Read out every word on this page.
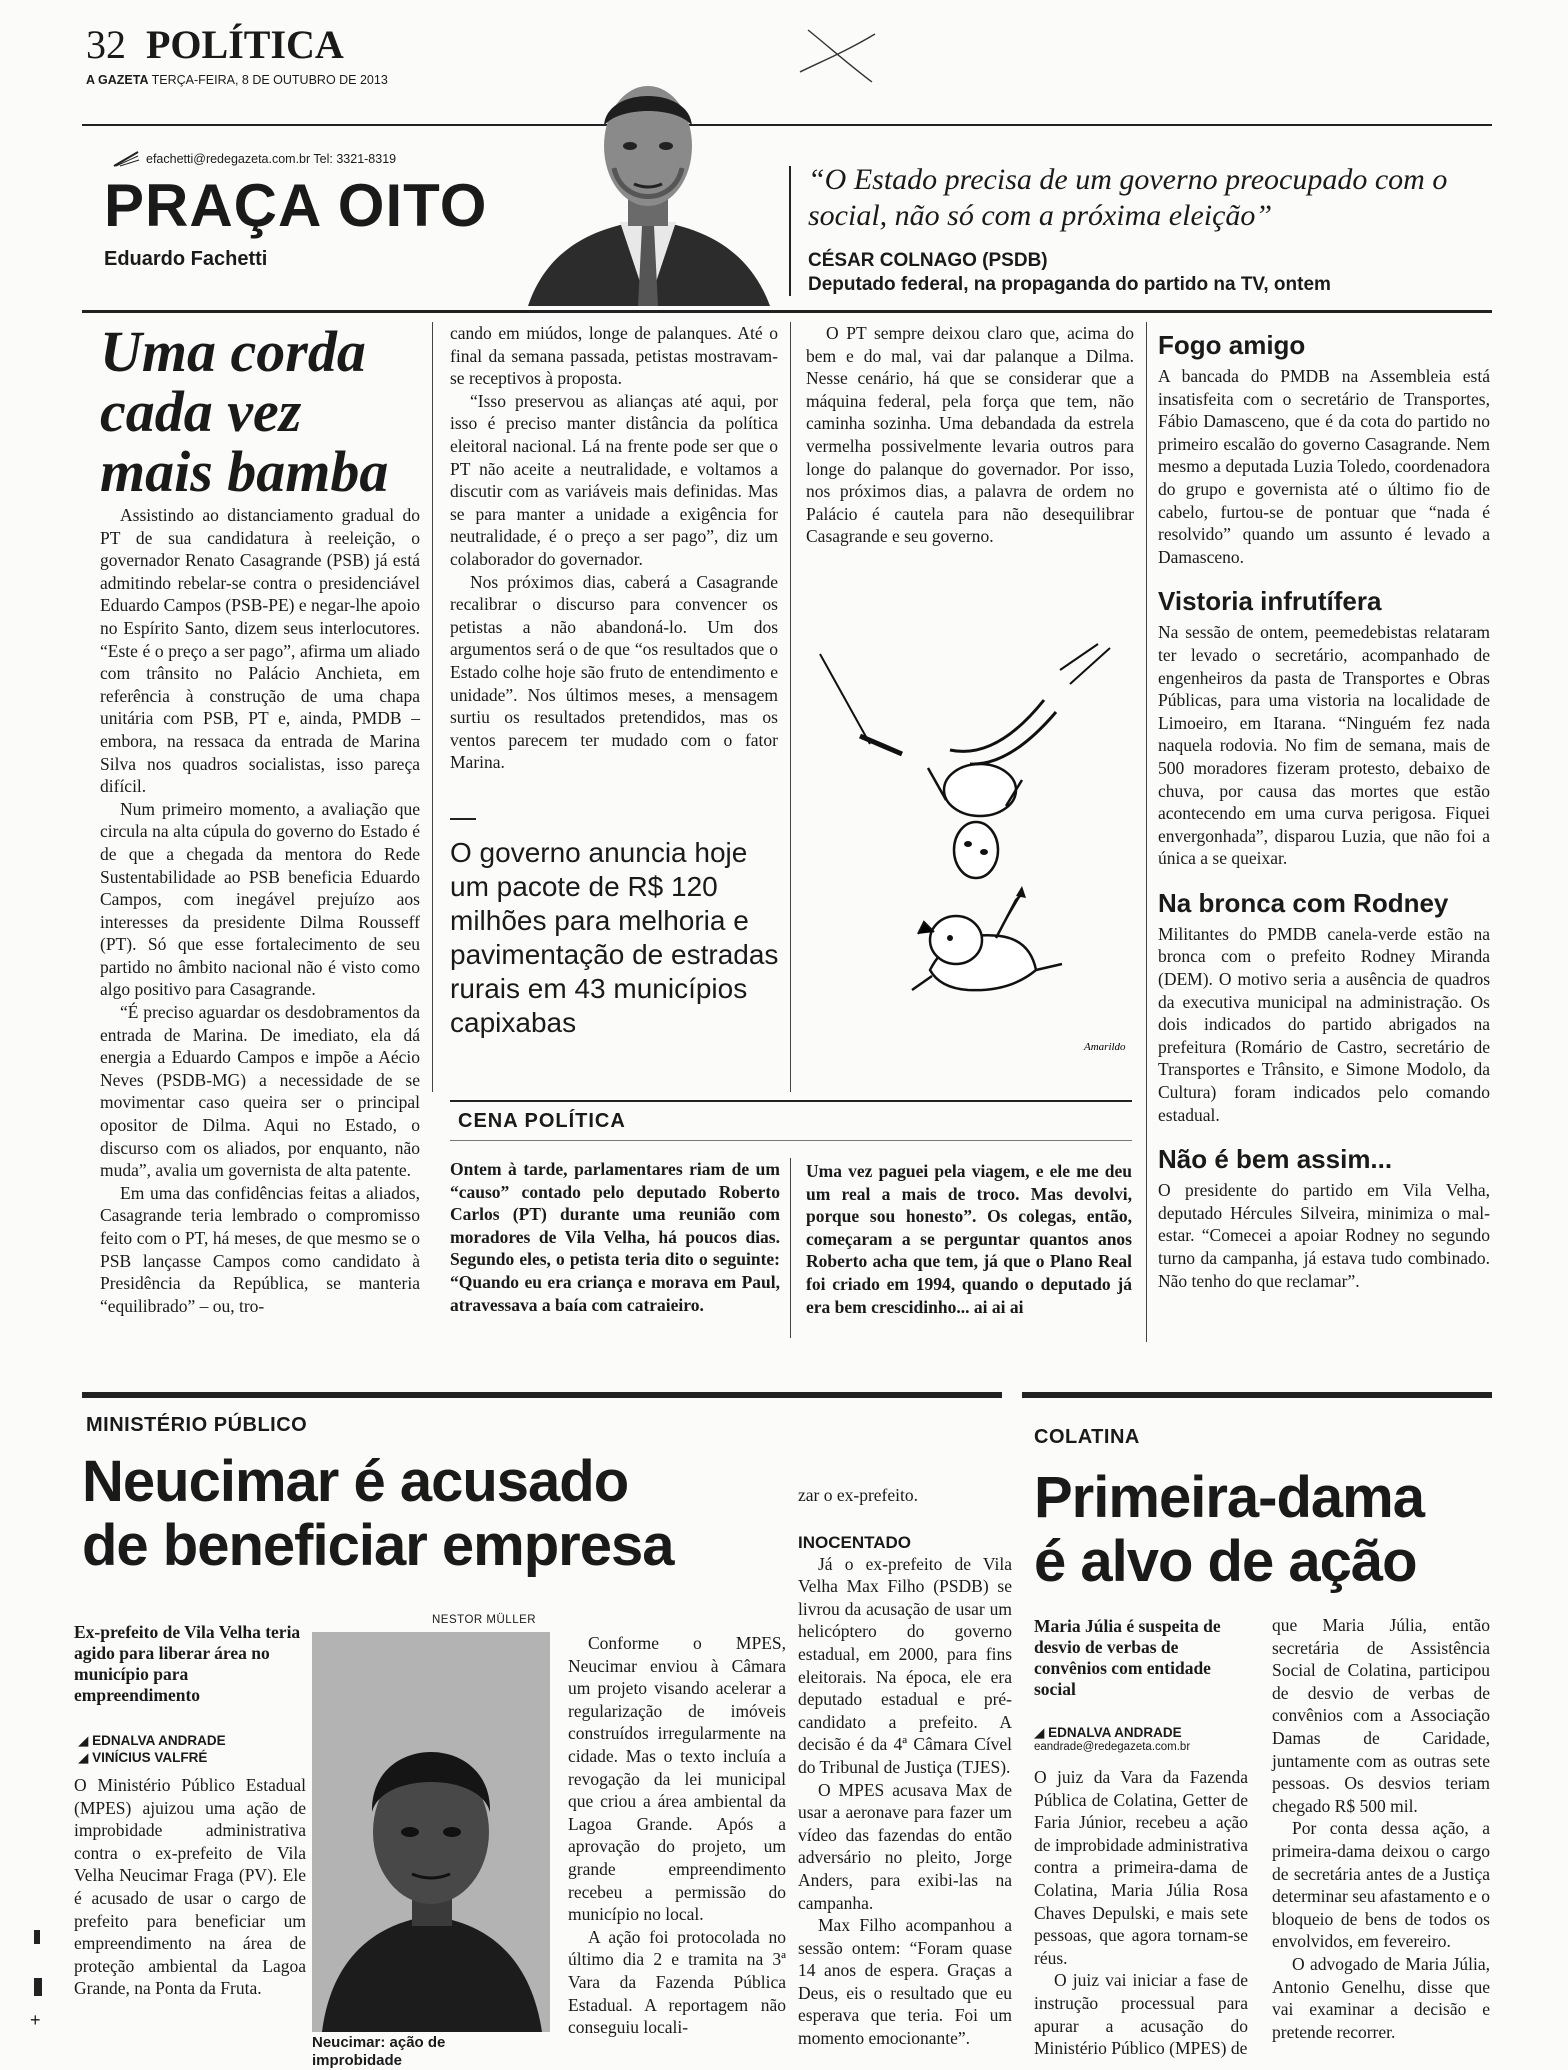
32 POLÍTICA
A GAZETA TERÇA-FEIRA, 8 DE OUTUBRO DE 2013
efachetti@redegazeta.com.br Tel: 3321-8319
PRAÇA OITO
Eduardo Fachetti
“O Estado precisa de um governo preocupado com o social, não só com a próxima eleição”
CÉSAR COLNAGO (PSDB)
Deputado federal, na propaganda do partido na TV, ontem
Uma corda
cada vez
mais bamba

Assistindo ao distanciamento gradual do PT de sua candidatura à reeleição, o governador Renato Casagrande (PSB) já está admitindo rebelar-se contra o presidenciável Eduardo Campos (PSB-PE) e negar-lhe apoio no Espírito Santo, dizem seus interlocutores. “Este é o preço a ser pago”, afirma um aliado com trânsito no Palácio Anchieta, em referência à construção de uma chapa unitária com PSB, PT e, ainda, PMDB – embora, na ressaca da entrada de Marina Silva nos quadros socialistas, isso pareça difícil.

Num primeiro momento, a avaliação que circula na alta cúpula do governo do Estado é de que a chegada da mentora do Rede Sustentabilidade ao PSB beneficia Eduardo Campos, com inegável prejuízo aos interesses da presidente Dilma Rousseff (PT). Só que esse fortalecimento de seu partido no âmbito nacional não é visto como algo positivo para Casagrande.

“É preciso aguardar os desdobramentos da entrada de Marina. De imediato, ela dá energia a Eduardo Campos e impõe a Aécio Neves (PSDB-MG) a necessidade de se movimentar caso queira ser o principal opositor de Dilma. Aqui no Estado, o discurso com os aliados, por enquanto, não muda”, avalia um governista de alta patente.

Em uma das confidências feitas a aliados, Casagrande teria lembrado o compromisso feito com o PT, há meses, de que mesmo se o PSB lançasse Campos como candidato à Presidência da República, se manteria “equilibrado” – ou, tro-

cando em miúdos, longe de palanques. Até o final da semana passada, petistas mostravam-se receptivos à proposta.

“Isso preservou as alianças até aqui, por isso é preciso manter distância da política eleitoral nacional. Lá na frente pode ser que o PT não aceite a neutralidade, e voltamos a discutir com as variáveis mais definidas. Mas se para manter a unidade a exigência for neutralidade, é o preço a ser pago”, diz um colaborador do governador.

Nos próximos dias, caberá a Casagrande recalibrar o discurso para convencer os petistas a não abandoná-lo. Um dos argumentos será o de que “os resultados que o Estado colhe hoje são fruto de entendimento e unidade”. Nos últimos meses, a mensagem surtiu os resultados pretendidos, mas os ventos parecem ter mudado com o fator Marina.

O governo anuncia hoje um pacote de R$ 120 milhões para melhoria e pavimentação de estradas rurais em 43 municípios capixabas

O PT sempre deixou claro que, acima do bem e do mal, vai dar palanque a Dilma. Nesse cenário, há que se considerar que a máquina federal, pela força que tem, não caminha sozinha. Uma debandada da estrela vermelha possivelmente levaria outros para longe do palanque do governador. Por isso, nos próximos dias, a palavra de ordem no Palácio é cautela para não desequilibrar Casagrande e seu governo.

Amarildo
CENA POLÍTICA
Ontem à tarde, parlamentares riam de um “causo” contado pelo deputado Roberto Carlos (PT) durante uma reunião com moradores de Vila Velha, há poucos dias. Segundo eles, o petista teria dito o seguinte: “Quando eu era criança e morava em Paul, atravessava a baía com catraieiro.
Uma vez paguei pela viagem, e ele me deu um real a mais de troco. Mas devolvi, porque sou honesto”. Os colegas, então, começaram a se perguntar quantos anos Roberto acha que tem, já que o Plano Real foi criado em 1994, quando o deputado já era bem crescidinho... ai ai ai
Fogo amigo
A bancada do PMDB na Assembleia está insatisfeita com o secretário de Transportes, Fábio Damasceno, que é da cota do partido no primeiro escalão do governo Casagrande. Nem mesmo a deputada Luzia Toledo, coordenadora do grupo e governista até o último fio de cabelo, furtou-se de pontuar que “nada é resolvido” quando um assunto é levado a Damasceno.
Vistoria infrutífera
Na sessão de ontem, peemedebistas relataram ter levado o secretário, acompanhado de engenheiros da pasta de Transportes e Obras Públicas, para uma vistoria na localidade de Limoeiro, em Itarana. “Ninguém fez nada naquela rodovia. No fim de semana, mais de 500 moradores fizeram protesto, debaixo de chuva, por causa das mortes que estão acontecendo em uma curva perigosa. Fiquei envergonhada”, disparou Luzia, que não foi a única a se queixar.
Na bronca com Rodney
Militantes do PMDB canela-verde estão na bronca com o prefeito Rodney Miranda (DEM). O motivo seria a ausência de quadros da executiva municipal na administração. Os dois indicados do partido abrigados na prefeitura (Romário de Castro, secretário de Transportes e Trânsito, e Simone Modolo, da Cultura) foram indicados pelo comando estadual.
Não é bem assim...
O presidente do partido em Vila Velha, deputado Hércules Silveira, minimiza o mal-estar. “Comecei a apoiar Rodney no segundo turno da campanha, já estava tudo combinado. Não tenho do que reclamar”.
MINISTÉRIO PÚBLICO
Neucimar é acusado
de beneficiar empresa
Ex-prefeito de Vila Velha teria agido para liberar área no município para empreendimento
◢ EDNALVA ANDRADE
◢ VINÍCIUS VALFRÉ

O Ministério Público Estadual (MPES) ajuizou uma ação de improbidade administrativa contra o ex-prefeito de Vila Velha Neucimar Fraga (PV). Ele é acusado de usar o cargo de prefeito para beneficiar um empreendimento na área de proteção ambiental da Lagoa Grande, na Ponta da Fruta.

NESTOR MÜLLER
Neucimar: ação de improbidade

Conforme o MPES, Neucimar enviou à Câmara um projeto visando acelerar a regularização de imóveis construídos irregularmente na cidade. Mas o texto incluía a revogação da lei municipal que criou a área ambiental da Lagoa Grande. Após a aprovação do projeto, um grande empreendimento recebeu a permissão do município no local.

A ação foi protocolada no último dia 2 e tramita na 3ª Vara da Fazenda Pública Estadual. A reportagem não conseguiu locali-

zar o ex-prefeito.

INOCENTADO

Já o ex-prefeito de Vila Velha Max Filho (PSDB) se livrou da acusação de usar um helicóptero do governo estadual, em 2000, para fins eleitorais. Na época, ele era deputado estadual e pré-candidato a prefeito. A decisão é da 4ª Câmara Cível do Tribunal de Justiça (TJES).

O MPES acusava Max de usar a aeronave para fazer um vídeo das fazendas do então adversário no pleito, Jorge Anders, para exibi-las na campanha.

Max Filho acompanhou a sessão ontem: “Foram quase 14 anos de espera. Graças a Deus, eis o resultado que eu esperava que teria. Foi um momento emocionante”.

+
COLATINA
Primeira-dama
é alvo de ação
Maria Júlia é suspeita de desvio de verbas de convênios com entidade social
◢ EDNALVA ANDRADE
eandrade@redegazeta.com.br

O juiz da Vara da Fazenda Pública de Colatina, Getter de Faria Júnior, recebeu a ação de improbidade administrativa contra a primeira-dama de Colatina, Maria Júlia Rosa Chaves Depulski, e mais sete pessoas, que agora tornam-se réus.

O juiz vai iniciar a fase de instrução processual para apurar a acusação do Ministério Público (MPES) de

que Maria Júlia, então secretária de Assistência Social de Colatina, participou de desvio de verbas de convênios com a Associação Damas de Caridade, juntamente com as outras sete pessoas. Os desvios teriam chegado R$ 500 mil.

Por conta dessa ação, a primeira-dama deixou o cargo de secretária antes de a Justiça determinar seu afastamento e o bloqueio de bens de todos os envolvidos, em fevereiro.

O advogado de Maria Júlia, Antonio Genelhu, disse que vai examinar a decisão e pretende recorrer.
